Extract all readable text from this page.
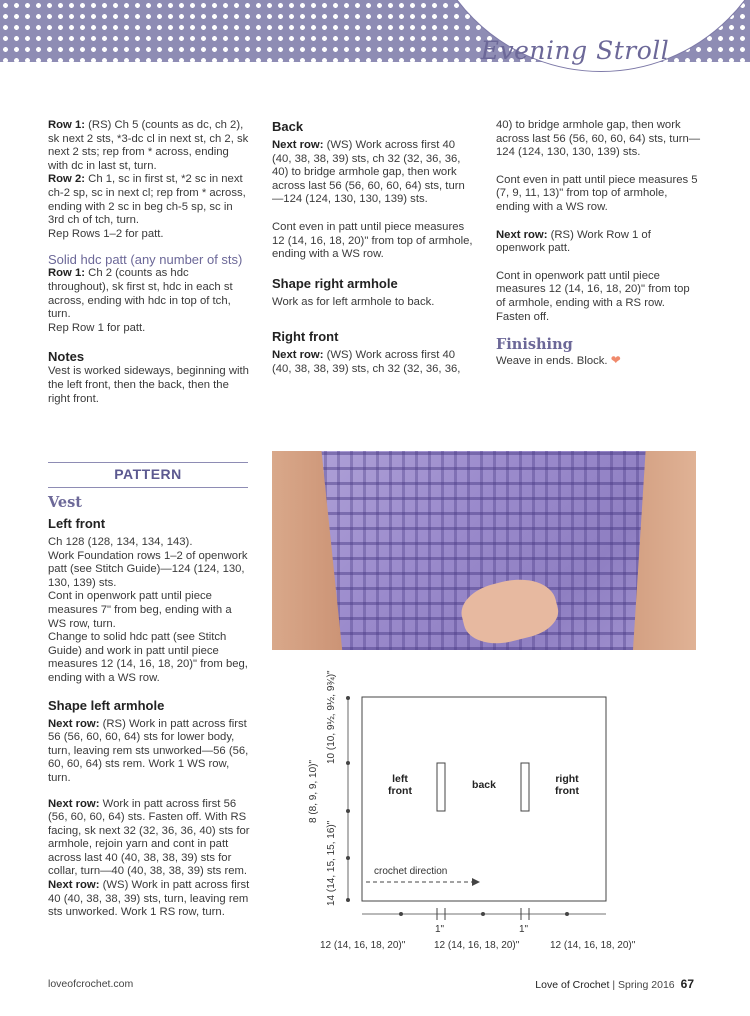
Evening Stroll

Row 1: (RS) Ch 5 (counts as dc, ch 2), sk next 2 sts, *3-dc cl in next st, ch 2, sk next 2 sts; rep from * across, ending with dc in last st, turn.

Row 2: Ch 1, sc in first st, *2 sc in next ch-2 sp, sc in next cl; rep from * across, ending with 2 sc in beg ch-5 sp, sc in 3rd ch of tch, turn.

Rep Rows 1–2 for patt.

Solid hdc patt (any number of sts)

Row 1: Ch 2 (counts as hdc throughout), sk first st, hdc in each st across, ending with hdc in top of tch, turn.

Rep Row 1 for patt.

Notes

Vest is worked sideways, beginning with the left front, then the back, then the right front.

PATTERN

Vest

Left front

Ch 128 (128, 134, 134, 143).

Work Foundation rows 1–2 of openwork patt (see Stitch Guide)—124 (124, 130, 130, 139) sts.

Cont in openwork patt until piece measures 7" from beg, ending with a WS row, turn.

Change to solid hdc patt (see Stitch Guide) and work in patt until piece measures 12 (14, 16, 18, 20)" from beg, ending with a WS row.

Shape left armhole

Next row: (RS) Work in patt across first 56 (56, 60, 60, 64) sts for lower body, turn, leaving rem sts unworked—56 (56, 60, 60, 64) sts rem. Work 1 WS row, turn.

Next row: Work in patt across first 56 (56, 60, 60, 64) sts. Fasten off. With RS facing, sk next 32 (32, 36, 36, 40) sts for armhole, rejoin yarn and cont in patt across last 40 (40, 38, 38, 39) sts for collar, turn—40 (40, 38, 38, 39) sts rem.

Next row: (WS) Work in patt across first 40 (40, 38, 38, 39) sts, turn, leaving rem sts unworked. Work 1 RS row, turn.

Back

Next row: (WS) Work across first 40 (40, 38, 38, 39) sts, ch 32 (32, 36, 36, 40) to bridge armhole gap, then work across last 56 (56, 60, 60, 64) sts, turn—124 (124, 130, 130, 139) sts.

Cont even in patt until piece measures 12 (14, 16, 18, 20)" from top of armhole, ending with a WS row.

Shape right armhole

Work as for left armhole to back.

Right front

Next row: (WS) Work across first 40 (40, 38, 38, 39) sts, ch 32 (32, 36, 36,

40) to bridge armhole gap, then work across last 56 (56, 60, 60, 64) sts, turn—124 (124, 130, 130, 139) sts.

Cont even in patt until piece measures 5 (7, 9, 11, 13)" from top of armhole, ending with a WS row.

Next row: (RS) Work Row 1 of openwork patt.

Cont in openwork patt until piece measures 12 (14, 16, 18, 20)" from top of armhole, ending with a RS row. Fasten off.

Finishing

Weave in ends. Block. ❤

left front	back	right front
crochet direction
10 (10, 9½, 9½, 9¾)"
8 (8, 9, 9, 10)"
14 (14, 15, 15, 16)"
1"	1"
12 (14, 16, 18, 20)"	12 (14, 16, 18, 20)"	12 (14, 16, 18, 20)"
loveofcrochet.com	Love of Crochet | Spring 2016 67
